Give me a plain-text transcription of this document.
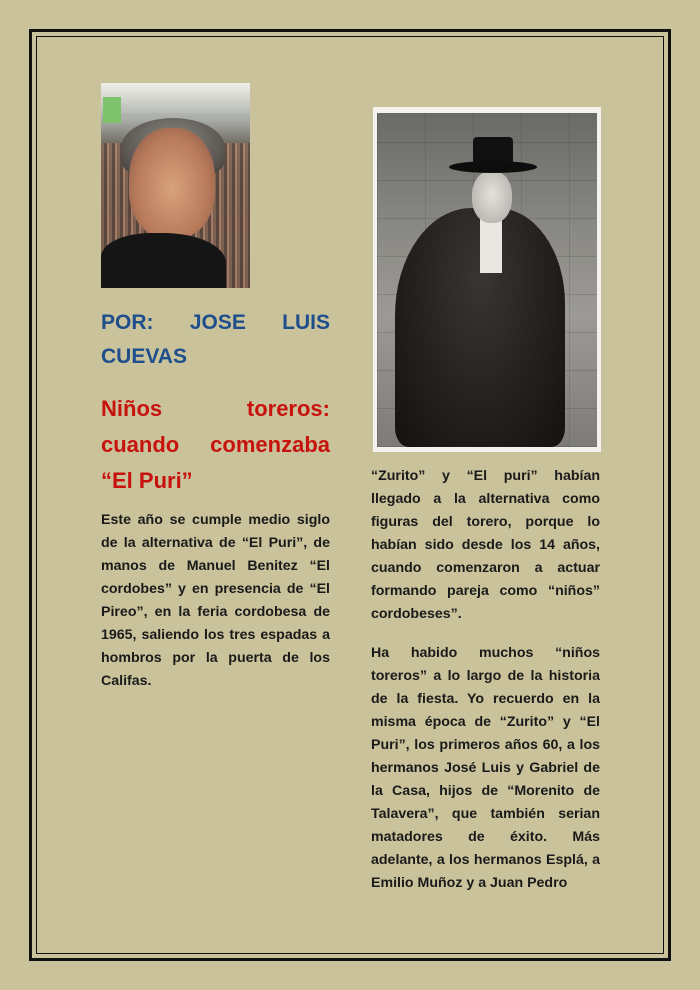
POR: JOSE LUIS CUEVAS
Niños toreros: cuando comenzaba “El Puri”

Este año se cumple medio siglo de la alternativa de “El Puri”, de manos de Manuel Benitez “El cordobes” y en presencia de “El Pireo”, en la feria cordobesa de 1965, saliendo los tres espadas a hombros por la puerta de los Califas.

“Zurito” y “El puri” habían llegado a la alternativa como figuras del torero, porque lo habían sido desde los 14 años, cuando comenzaron a actuar formando pareja como “niños” cordobeses”.

Ha habido muchos “niños toreros” a lo largo de la historia de la fiesta. Yo recuerdo en la misma época de “Zurito” y “El Puri”, los primeros años 60, a los hermanos José Luis y Gabriel de la Casa, hijos de “Morenito de Talavera”, que también serian matadores de éxito. Más adelante, a los hermanos Esplá, a Emilio Muñoz y a Juan Pedro
